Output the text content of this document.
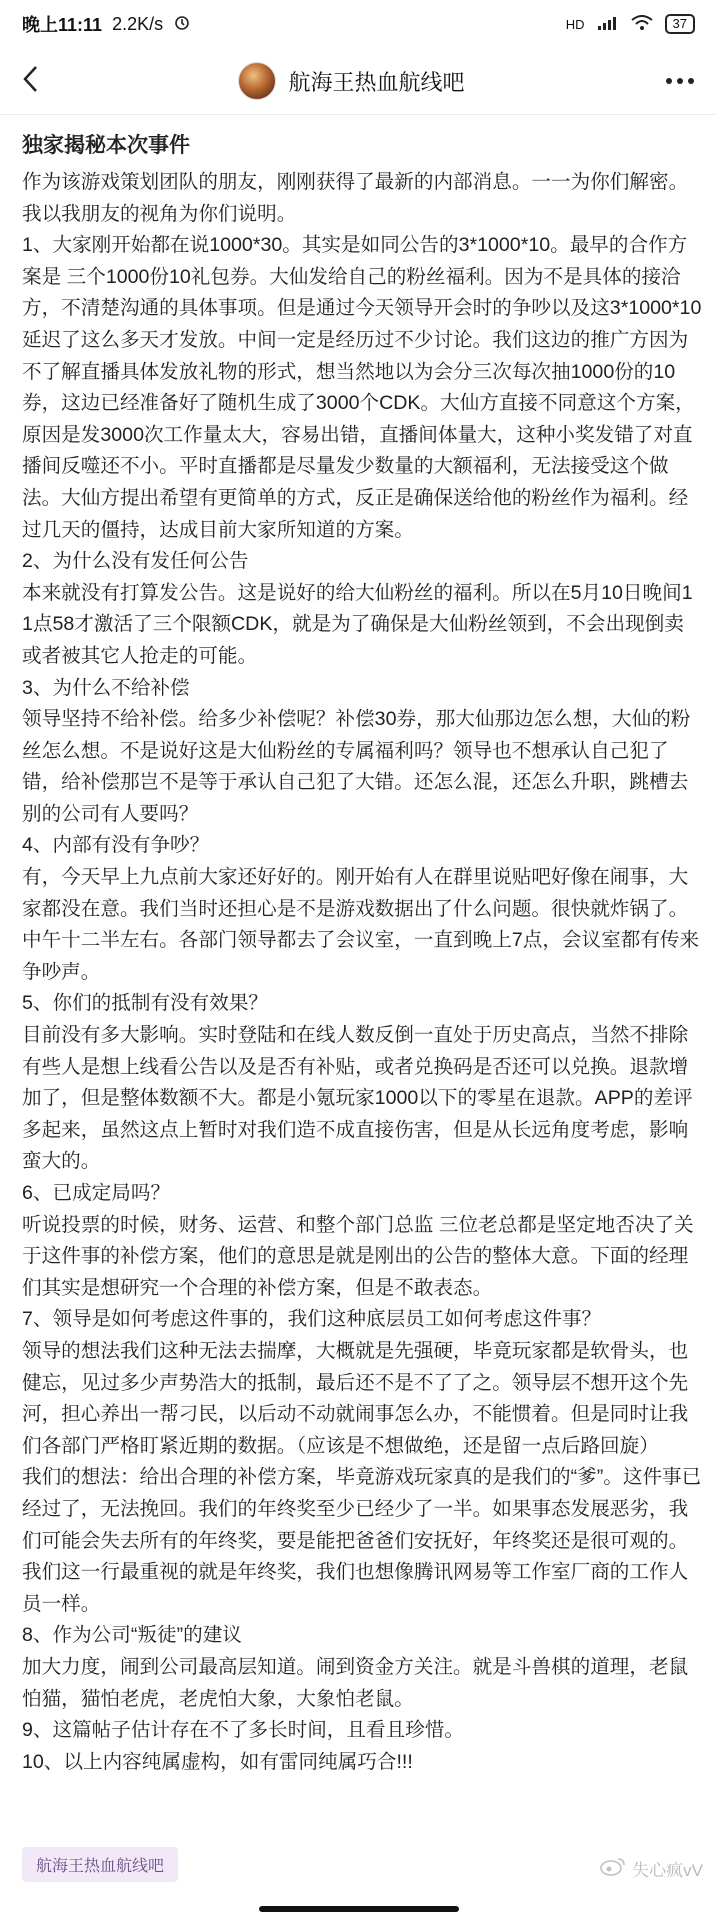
晚上11:11 2.2K/s	HD	37
航海王热血航线吧
独家揭秘本次事件

作为该游戏策划团队的朋友，刚刚获得了最新的内部消息。一一为你们解密。我以我朋友的视角为你们说明。

1、大家刚开始都在说1000*30。其实是如同公告的3*1000*10。最早的合作方案是 三个1000份10礼包券。大仙发给自己的粉丝福利。因为不是具体的接洽方，不清楚沟通的具体事项。但是通过今天领导开会时的争吵以及这3*1000*10延迟了这么多天才发放。中间一定是经历过不少讨论。我们这边的推广方因为不了解直播具体发放礼物的形式，想当然地以为会分三次每次抽1000份的10券，这边已经准备好了随机生成了3000个CDK。大仙方直接不同意这个方案，原因是发3000次工作量太大，容易出错，直播间体量大，这种小奖发错了对直播间反噬还不小。平时直播都是尽量发少数量的大额福利，无法接受这个做法。大仙方提出希望有更简单的方式，反正是确保送给他的粉丝作为福利。经过几天的僵持，达成目前大家所知道的方案。

2、为什么没有发任何公告

本来就没有打算发公告。这是说好的给大仙粉丝的福利。所以在5月10日晚间11点58才激活了三个限额CDK，就是为了确保是大仙粉丝领到，不会出现倒卖或者被其它人抢走的可能。

3、为什么不给补偿

领导坚持不给补偿。给多少补偿呢？补偿30券，那大仙那边怎么想，大仙的粉丝怎么想。不是说好这是大仙粉丝的专属福利吗？领导也不想承认自己犯了错，给补偿那岂不是等于承认自己犯了大错。还怎么混，还怎么升职，跳槽去别的公司有人要吗？

4、内部有没有争吵？

有，今天早上九点前大家还好好的。刚开始有人在群里说贴吧好像在闹事，大家都没在意。我们当时还担心是不是游戏数据出了什么问题。很快就炸锅了。中午十二半左右。各部门领导都去了会议室，一直到晚上7点，会议室都有传来争吵声。

5、你们的抵制有没有效果？

目前没有多大影响。实时登陆和在线人数反倒一直处于历史高点，当然不排除有些人是想上线看公告以及是否有补贴，或者兑换码是否还可以兑换。退款增加了，但是整体数额不大。都是小氪玩家1000以下的零星在退款。APP的差评多起来，虽然这点上暂时对我们造不成直接伤害，但是从长远角度考虑，影响蛮大的。

6、已成定局吗？

听说投票的时候，财务、运营、和整个部门总监 三位老总都是坚定地否决了关于这件事的补偿方案，他们的意思是就是刚出的公告的整体大意。下面的经理们其实是想研究一个合理的补偿方案，但是不敢表态。

7、领导是如何考虑这件事的，我们这种底层员工如何考虑这件事？

领导的想法我们这种无法去揣摩，大概就是先强硬，毕竟玩家都是软骨头，也健忘，见过多少声势浩大的抵制，最后还不是不了了之。领导层不想开这个先河，担心养出一帮刁民，以后动不动就闹事怎么办，不能惯着。但是同时让我们各部门严格盯紧近期的数据。（应该是不想做绝，还是留一点后路回旋）

我们的想法：给出合理的补偿方案，毕竟游戏玩家真的是我们的“爹”。这件事已经过了，无法挽回。我们的年终奖至少已经少了一半。如果事态发展恶劣，我们可能会失去所有的年终奖，要是能把爸爸们安抚好，年终奖还是很可观的。我们这一行最重视的就是年终奖，我们也想像腾讯网易等工作室厂商的工作人员一样。

8、作为公司“叛徒”的建议

加大力度，闹到公司最高层知道。闹到资金方关注。就是斗兽棋的道理，老鼠怕猫，猫怕老虎，老虎怕大象，大象怕老鼠。

9、这篇帖子估计存在不了多长时间，且看且珍惜。

10、以上内容纯属虚构，如有雷同纯属巧合!!!

航海王热血航线吧	失心疯vV
